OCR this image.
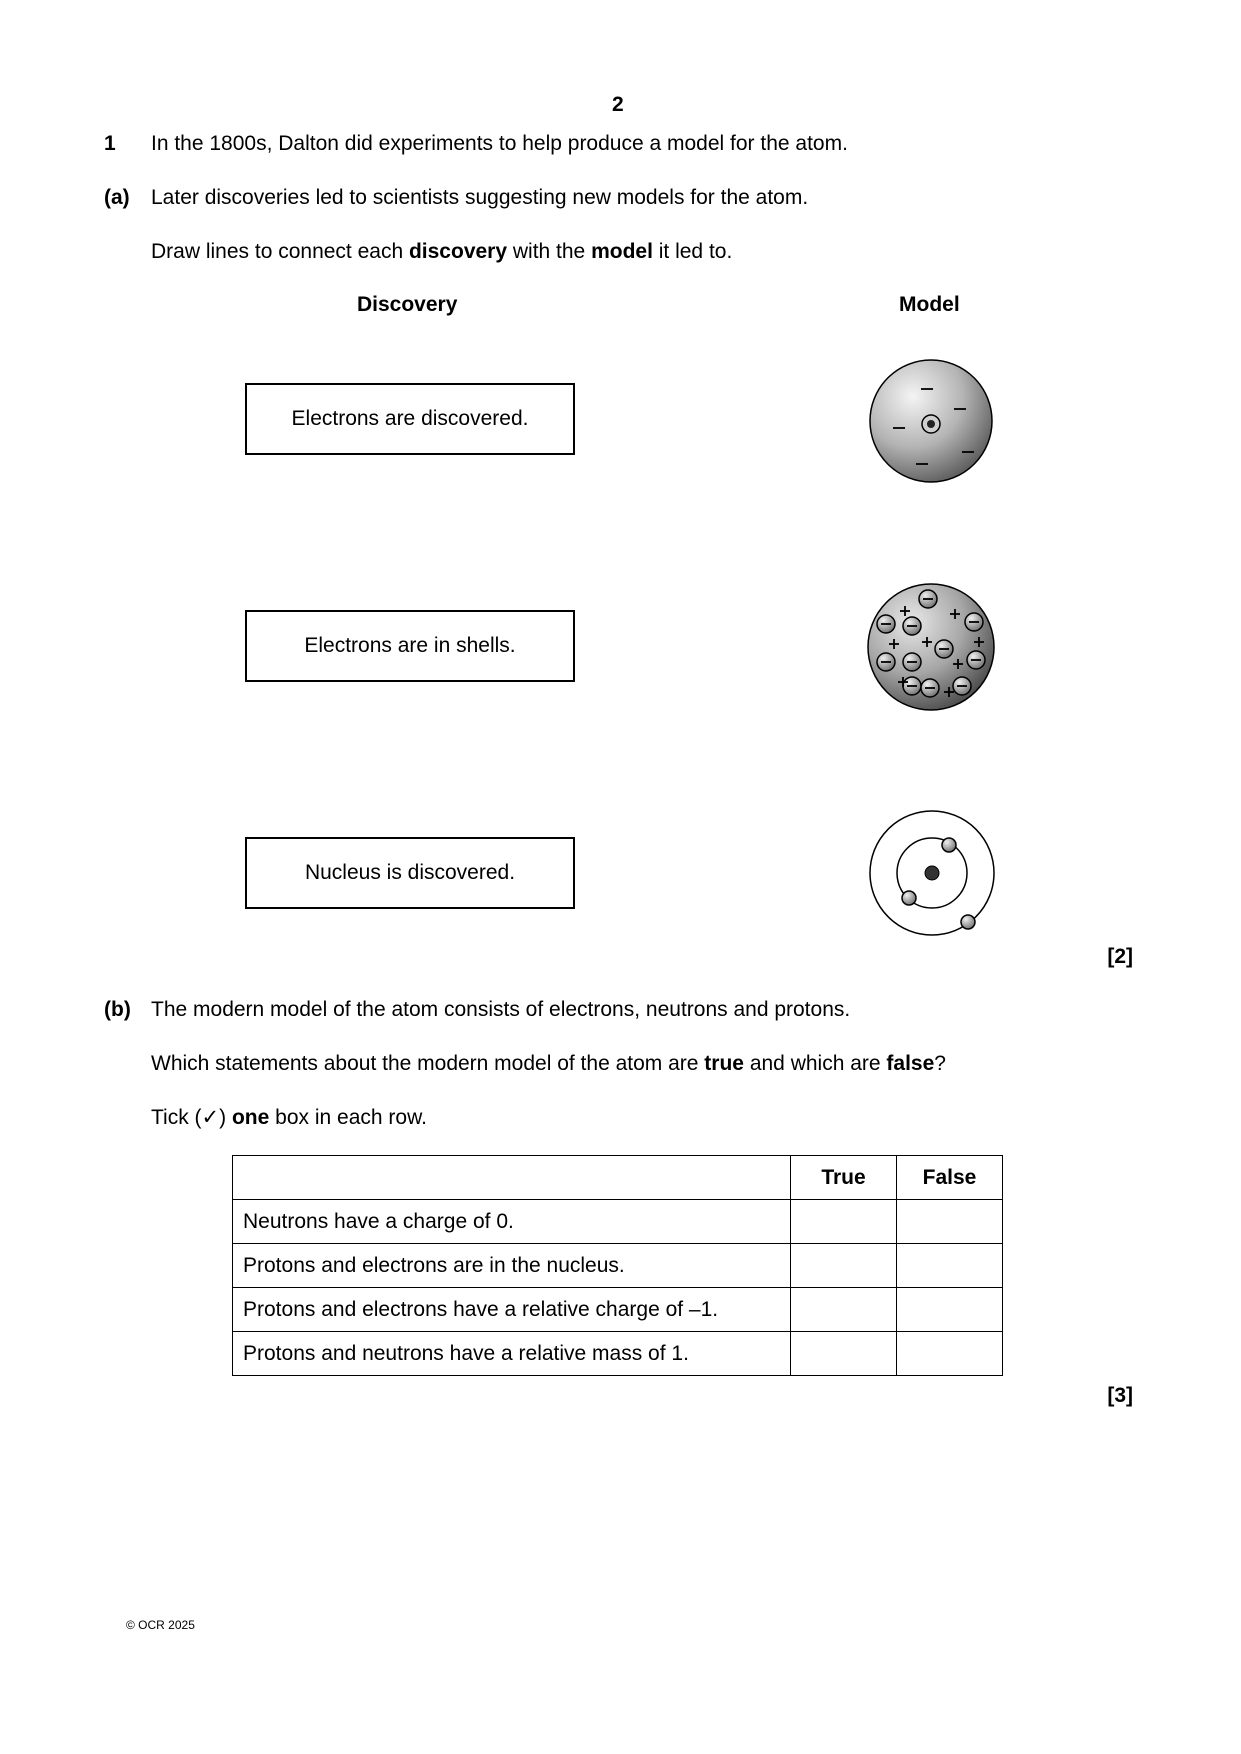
2
1 In the 1800s, Dalton did experiments to help produce a model for the atom.
(a) Later discoveries led to scientists suggesting new models for the atom.
Draw lines to connect each discovery with the model it led to.
Discovery	Model
Electrons are discovered.
Electrons are in shells.
Nucleus is discovered.
[2]
(b) The modern model of the atom consists of electrons, neutrons and protons.
Which statements about the modern model of the atom are true and which are false?
Tick (✓) one box in each row.
	True	False
Neutrons have a charge of 0.		
Protons and electrons are in the nucleus.		
Protons and electrons have a relative charge of –1.		
Protons and neutrons have a relative mass of 1.		
[3]
© OCR 2025
